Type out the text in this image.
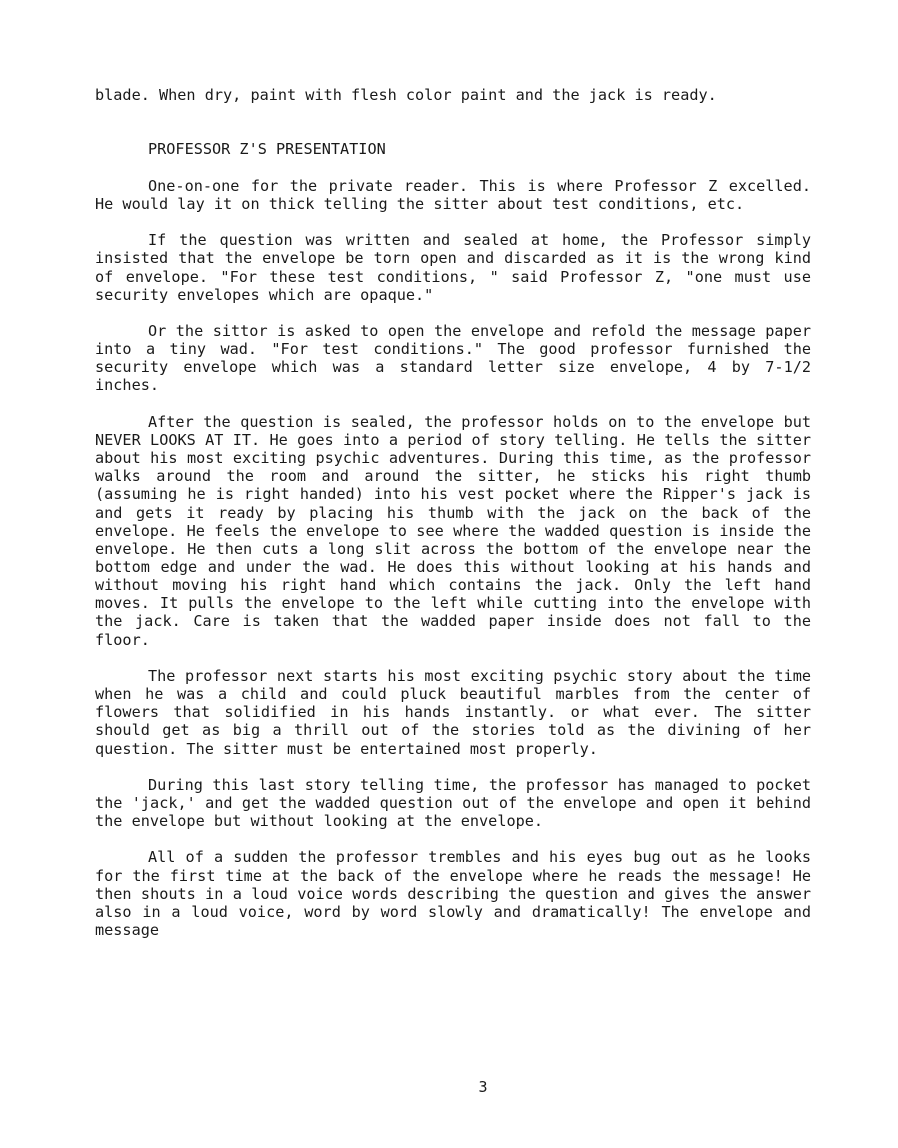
blade. When dry, paint with flesh color paint and the jack is ready.

PROFESSOR Z'S PRESENTATION

One-on-one for the private reader. This is where Professor Z excelled. He would lay it on thick telling the sitter about test conditions, etc.

If the question was written and sealed at home, the Professor simply insisted that the envelope be torn open and discarded as it is the wrong kind of envelope. "For these test conditions, " said Professor Z, "one must use security envelopes which are opaque."

Or the sittor is asked to open the envelope and refold the message paper into a tiny wad. "For test conditions." The good professor furnished the security envelope which was a standard letter size envelope, 4 by 7-1/2 inches.

After the question is sealed, the professor holds on to the envelope but NEVER LOOKS AT IT. He goes into a period of story telling. He tells the sitter about his most exciting psychic adventures. During this time, as the professor walks around the room and around the sitter, he sticks his right thumb (assuming he is right handed) into his vest pocket where the Ripper's jack is and gets it ready by placing his thumb with the jack on the back of the envelope. He feels the envelope to see where the wadded question is inside the envelope. He then cuts a long slit across the bottom of the envelope near the bottom edge and under the wad. He does this without looking at his hands and without moving his right hand which contains the jack. Only the left hand moves. It pulls the envelope to the left while cutting into the envelope with the jack. Care is taken that the wadded paper inside does not fall to the floor.

The professor next starts his most exciting psychic story about the time when he was a child and could pluck beautiful marbles from the center of flowers that solidified in his hands instantly. or what ever. The sitter should get as big a thrill out of the stories told as the divining of her question. The sitter must be entertained most properly.

During this last story telling time, the professor has managed to pocket the 'jack,' and get the wadded question out of the envelope and open it behind the envelope but without looking at the envelope.

All of a sudden the professor trembles and his eyes bug out as he looks for the first time at the back of the envelope where he reads the message! He then shouts in a loud voice words describing the question and gives the answer also in a loud voice, word by word slowly and dramatically! The envelope and message

3
